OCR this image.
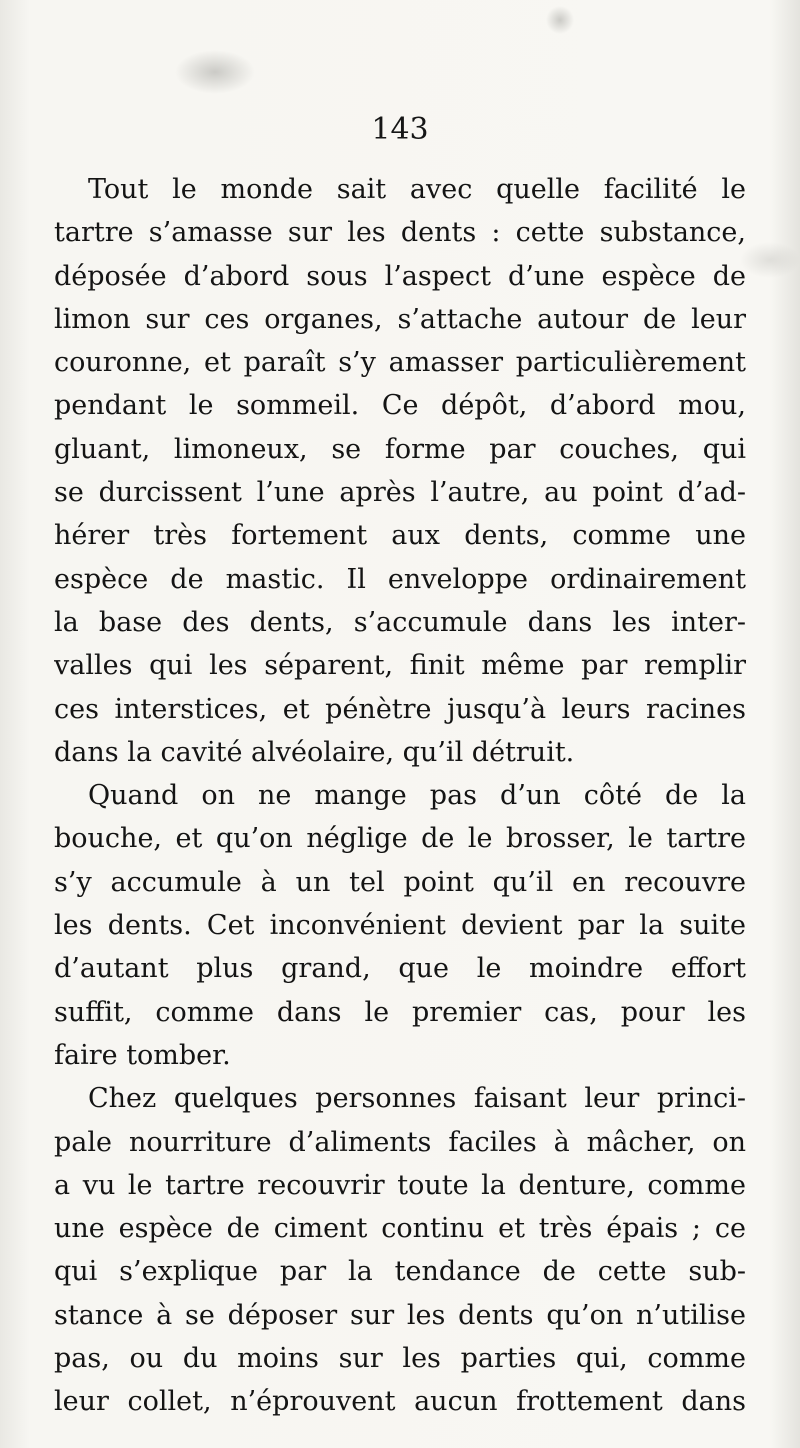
143
Tout le monde sait avec quelle facilité le
tartre s’amasse sur les dents : cette substance,
déposée d’abord sous l’aspect d’une espèce de
limon sur ces organes, s’attache autour de leur
couronne, et paraît s’y amasser particulièrement
pendant le sommeil. Ce dépôt, d’abord mou,
gluant, limoneux, se forme par couches, qui
se durcissent l’une après l’autre, au point d’ad-
hérer très fortement aux dents, comme une
espèce de mastic. Il enveloppe ordinairement
la base des dents, s’accumule dans les inter-
valles qui les séparent, finit même par remplir
ces interstices, et pénètre jusqu’à leurs racines
dans la cavité alvéolaire, qu’il détruit.
Quand on ne mange pas d’un côté de la
bouche, et qu’on néglige de le brosser, le tartre
s’y accumule à un tel point qu’il en recouvre
les dents. Cet inconvénient devient par la suite
d’autant plus grand, que le moindre effort
suffit, comme dans le premier cas, pour les
faire tomber.
Chez quelques personnes faisant leur princi-
pale nourriture d’aliments faciles à mâcher, on
a vu le tartre recouvrir toute la denture, comme
une espèce de ciment continu et très épais ; ce
qui s’explique par la tendance de cette sub-
stance à se déposer sur les dents qu’on n’utilise
pas, ou du moins sur les parties qui, comme
leur collet, n’éprouvent aucun frottement dans
